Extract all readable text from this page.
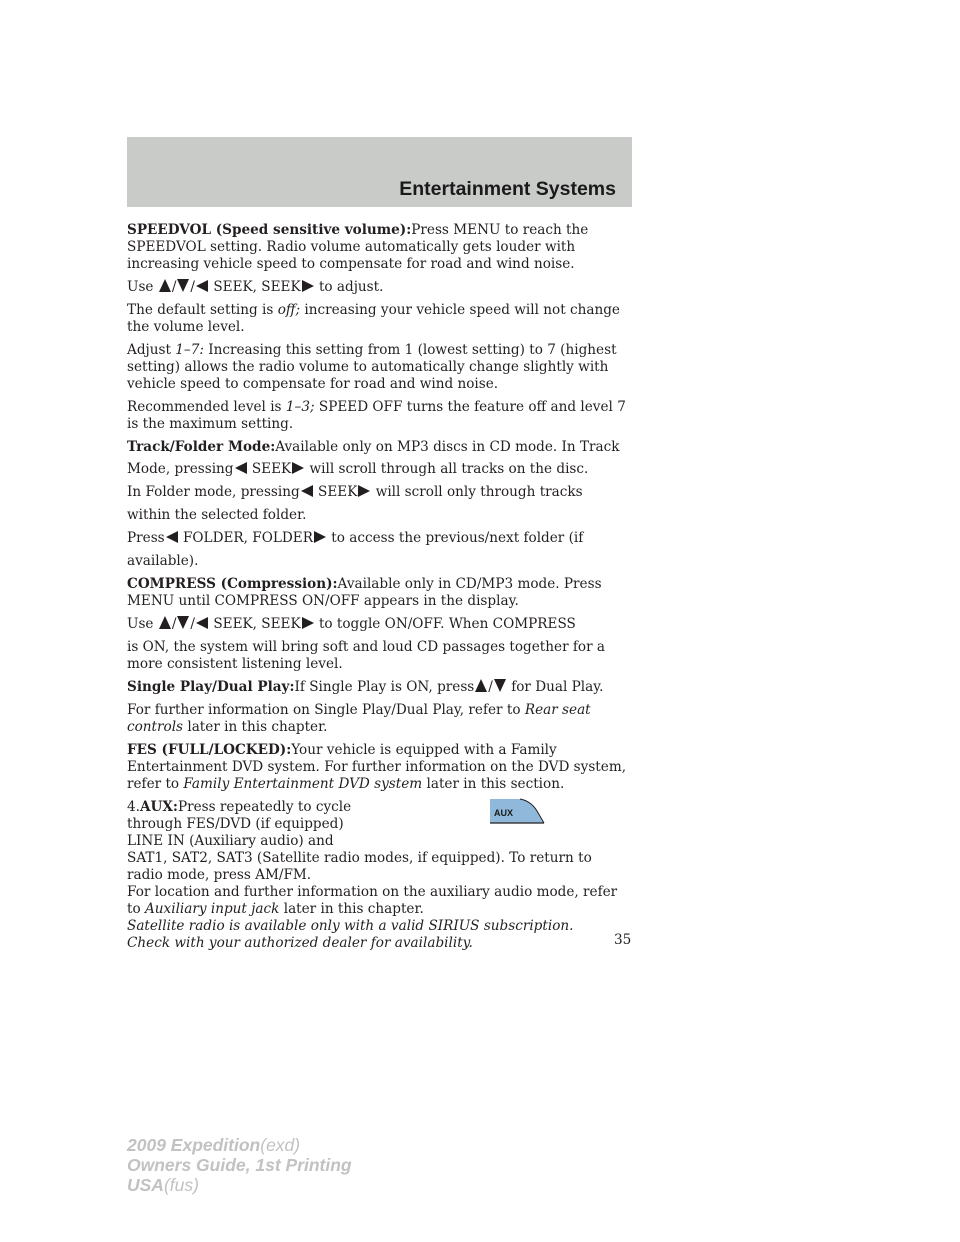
Entertainment Systems
SPEEDVOL (Speed sensitive volume):Press MENU to reach the
SPEEDVOL setting. Radio volume automatically gets louder with
increasing vehicle speed to compensate for road and wind noise.
Use / / SEEK, SEEK to adjust.
The default setting is off; increasing your vehicle speed will not change
the volume level.
Adjust 1–7: Increasing this setting from 1 (lowest setting) to 7 (highest
setting) allows the radio volume to automatically change slightly with
vehicle speed to compensate for road and wind noise.
Recommended level is 1–3; SPEED OFF turns the feature off and level 7
is the maximum setting.
Track/Folder Mode:Available only on MP3 discs in CD mode. In Track
Mode, pressing SEEK will scroll through all tracks on the disc.
In Folder mode, pressing SEEK will scroll only through tracks
within the selected folder.
Press FOLDER, FOLDER to access the previous/next folder (if
available).
COMPRESS (Compression):Available only in CD/MP3 mode. Press
MENU until COMPRESS ON/OFF appears in the display.
Use / / SEEK, SEEK to toggle ON/OFF. When COMPRESS
is ON, the system will bring soft and loud CD passages together for a
more consistent listening level.
Single Play/Dual Play:If Single Play is ON, press / for Dual Play.
For further information on Single Play/Dual Play, refer to Rear seat
controls later in this chapter.
FES (FULL/LOCKED):Your vehicle is equipped with a Family
Entertainment DVD system. For further information on the DVD system,
refer to Family Entertainment DVD system later in this section.
AUX
4.AUX:Press repeatedly to cycle
through FES/DVD (if equipped)
LINE IN (Auxiliary audio) and
SAT1, SAT2, SAT3 (Satellite radio modes, if equipped). To return to
radio mode, press AM/FM.
For location and further information on the auxiliary audio mode, refer
to Auxiliary input jack later in this chapter.
Satellite radio is available only with a valid SIRIUS subscription.
Check with your authorized dealer for availability.	35
2009 Expedition(exd)
Owners Guide, 1st Printing
USA(fus)
